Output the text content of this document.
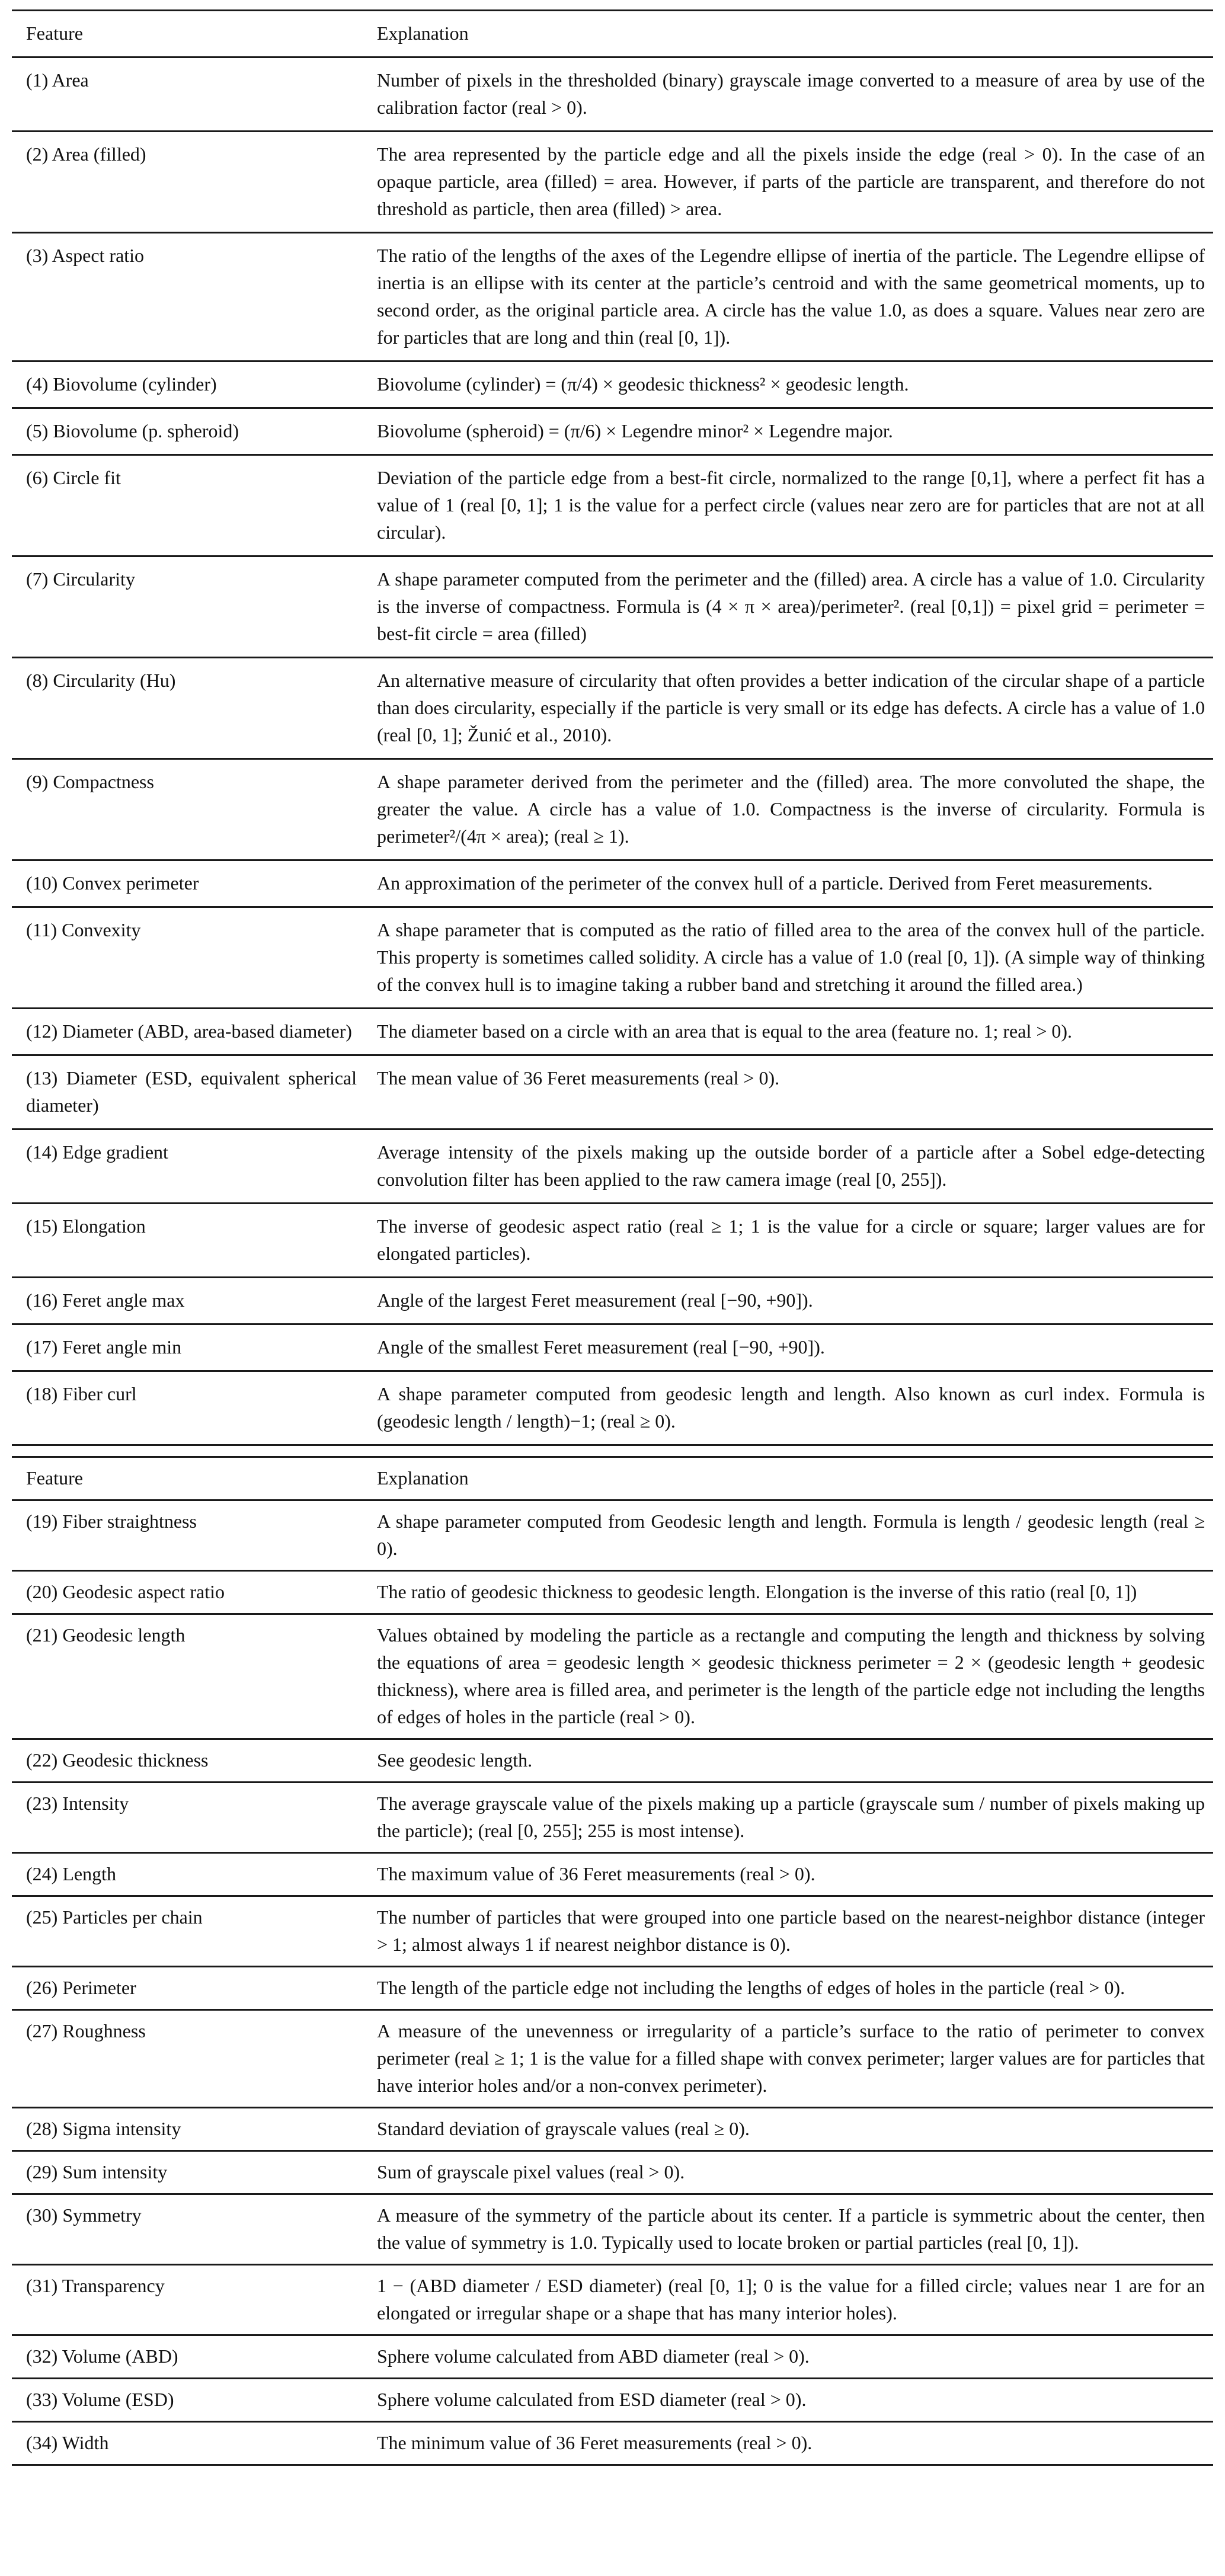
Feature	Explanation
(1) Area	Number of pixels in the thresholded (binary) grayscale image converted to a measure of area by use of the calibration factor (real > 0).
(2) Area (filled)	The area represented by the particle edge and all the pixels inside the edge (real > 0). In the case of an opaque particle, area (filled) = area. However, if parts of the particle are transparent, and therefore do not threshold as particle, then area (filled) > area.
(3) Aspect ratio	The ratio of the lengths of the axes of the Legendre ellipse of inertia of the particle. The Legendre ellipse of inertia is an ellipse with its center at the particle’s centroid and with the same geometrical moments, up to second order, as the original particle area. A circle has the value 1.0, as does a square. Values near zero are for particles that are long and thin (real [0, 1]).
(4) Biovolume (cylinder)	Biovolume (cylinder) = (π/4) × geodesic thickness² × geodesic length.
(5) Biovolume (p. spheroid)	Biovolume (spheroid) = (π/6) × Legendre minor² × Legendre major.
(6) Circle fit	Deviation of the particle edge from a best-fit circle, normalized to the range [0,1], where a perfect fit has a value of 1 (real [0, 1]; 1 is the value for a perfect circle (values near zero are for particles that are not at all circular).
(7) Circularity	A shape parameter computed from the perimeter and the (filled) area. A circle has a value of 1.0. Circularity is the inverse of compactness. Formula is (4 × π × area)/perimeter². (real [0,1]) = pixel grid = perimeter = best-fit circle = area (filled)
(8) Circularity (Hu)	An alternative measure of circularity that often provides a better indication of the circular shape of a particle than does circularity, especially if the particle is very small or its edge has defects. A circle has a value of 1.0 (real [0, 1]; Žunić et al., 2010).
(9) Compactness	A shape parameter derived from the perimeter and the (filled) area. The more convoluted the shape, the greater the value. A circle has a value of 1.0. Compactness is the inverse of circularity. Formula is perimeter²/(4π × area); (real ≥ 1).
(10) Convex perimeter	An approximation of the perimeter of the convex hull of a particle. Derived from Feret measurements.
(11) Convexity	A shape parameter that is computed as the ratio of filled area to the area of the convex hull of the particle. This property is sometimes called solidity. A circle has a value of 1.0 (real [0, 1]). (A simple way of thinking of the convex hull is to imagine taking a rubber band and stretching it around the filled area.)
(12) Diameter (ABD, area-based diameter)	The diameter based on a circle with an area that is equal to the area (feature no. 1; real > 0).
(13) Diameter (ESD, equivalent spherical diameter)	The mean value of 36 Feret measurements (real > 0).
(14) Edge gradient	Average intensity of the pixels making up the outside border of a particle after a Sobel edge-detecting convolution filter has been applied to the raw camera image (real [0, 255]).
(15) Elongation	The inverse of geodesic aspect ratio (real ≥ 1; 1 is the value for a circle or square; larger values are for elongated particles).
(16) Feret angle max	Angle of the largest Feret measurement (real [−90, +90]).
(17) Feret angle min	Angle of the smallest Feret measurement (real [−90, +90]).
(18) Fiber curl	A shape parameter computed from geodesic length and length. Also known as curl index. Formula is (geodesic length / length)−1; (real ≥ 0).
Feature	Explanation
(19) Fiber straightness	A shape parameter computed from Geodesic length and length. Formula is length / geodesic length (real ≥ 0).
(20) Geodesic aspect ratio	The ratio of geodesic thickness to geodesic length. Elongation is the inverse of this ratio (real [0, 1])
(21) Geodesic length	Values obtained by modeling the particle as a rectangle and computing the length and thickness by solving the equations of area = geodesic length × geodesic thickness perimeter = 2 × (geodesic length + geodesic thickness), where area is filled area, and perimeter is the length of the particle edge not including the lengths of edges of holes in the particle (real > 0).
(22) Geodesic thickness	See geodesic length.
(23) Intensity	The average grayscale value of the pixels making up a particle (grayscale sum / number of pixels making up the particle); (real [0, 255]; 255 is most intense).
(24) Length	The maximum value of 36 Feret measurements (real > 0).
(25) Particles per chain	The number of particles that were grouped into one particle based on the nearest-neighbor distance (integer > 1; almost always 1 if nearest neighbor distance is 0).
(26) Perimeter	The length of the particle edge not including the lengths of edges of holes in the particle (real > 0).
(27) Roughness	A measure of the unevenness or irregularity of a particle’s surface to the ratio of perimeter to convex perimeter (real ≥ 1; 1 is the value for a filled shape with convex perimeter; larger values are for particles that have interior holes and/or a non-convex perimeter).
(28) Sigma intensity	Standard deviation of grayscale values (real ≥ 0).
(29) Sum intensity	Sum of grayscale pixel values (real > 0).
(30) Symmetry	A measure of the symmetry of the particle about its center. If a particle is symmetric about the center, then the value of symmetry is 1.0. Typically used to locate broken or partial particles (real [0, 1]).
(31) Transparency	1 − (ABD diameter / ESD diameter) (real [0, 1]; 0 is the value for a filled circle; values near 1 are for an elongated or irregular shape or a shape that has many interior holes).
(32) Volume (ABD)	Sphere volume calculated from ABD diameter (real > 0).
(33) Volume (ESD)	Sphere volume calculated from ESD diameter (real > 0).
(34) Width	The minimum value of 36 Feret measurements (real > 0).
